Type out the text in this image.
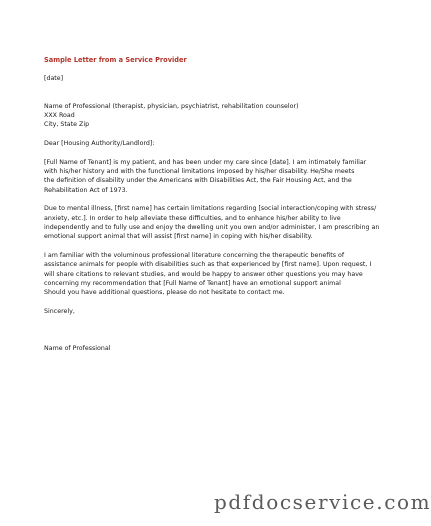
Sample Letter from a Service Provider
[date]
Name of Professional (therapist, physician, psychiatrist, rehabilitation counselor)
XXX Road
City, State Zip
Dear [Housing Authority/Landlord]:
[Full Name of Tenant] is my patient, and has been under my care since [date]. I am intimately familiar
with his/her history and with the functional limitations imposed by his/her disability. He/She meets
the definition of disability under the Americans with Disabilities Act, the Fair Housing Act, and the
Rehabilitation Act of 1973.
Due to mental illness, [first name] has certain limitations regarding [social interaction/coping with stress/
anxiety, etc.]. In order to help alleviate these difficulties, and to enhance his/her ability to live
independently and to fully use and enjoy the dwelling unit you own and/or administer, I am prescribing an
emotional support animal that will assist [first name] in coping with his/her disability.
I am familiar with the voluminous professional literature concerning the therapeutic benefits of
assistance animals for people with disabilities such as that experienced by [first name]. Upon request, I
will share citations to relevant studies, and would be happy to answer other questions you may have
concerning my recommendation that [Full Name of Tenant] have an emotional support animal
Should you have additional questions, please do not hesitate to contact me.
Sincerely,
Name of Professional
pdfdocservice.com
